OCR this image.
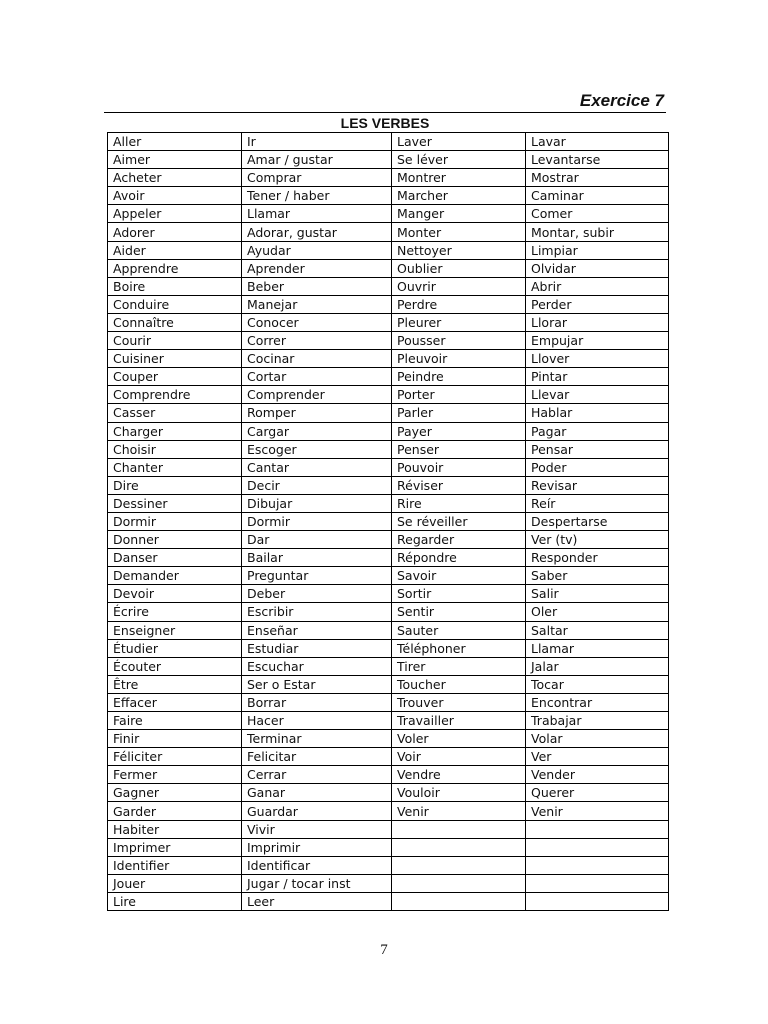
Exercice 7
LES VERBES
Aller	Ir	Laver	Lavar
Aimer	Amar / gustar	Se léver	Levantarse
Acheter	Comprar	Montrer	Mostrar
Avoir	Tener / haber	Marcher	Caminar
Appeler	Llamar	Manger	Comer
Adorer	Adorar, gustar	Monter	Montar, subir
Aider	Ayudar	Nettoyer	Limpiar
Apprendre	Aprender	Oublier	Olvidar
Boire	Beber	Ouvrir	Abrir
Conduire	Manejar	Perdre	Perder
Connaître	Conocer	Pleurer	Llorar
Courir	Correr	Pousser	Empujar
Cuisiner	Cocinar	Pleuvoir	Llover
Couper	Cortar	Peindre	Pintar
Comprendre	Comprender	Porter	Llevar
Casser	Romper	Parler	Hablar
Charger	Cargar	Payer	Pagar
Choisir	Escoger	Penser	Pensar
Chanter	Cantar	Pouvoir	Poder
Dire	Decir	Réviser	Revisar
Dessiner	Dibujar	Rire	Reír
Dormir	Dormir	Se réveiller	Despertarse
Donner	Dar	Regarder	Ver (tv)
Danser	Bailar	Répondre	Responder
Demander	Preguntar	Savoir	Saber
Devoir	Deber	Sortir	Salir
Écrire	Escribir	Sentir	Oler
Enseigner	Enseñar	Sauter	Saltar
Étudier	Estudiar	Téléphoner	Llamar
Écouter	Escuchar	Tirer	Jalar
Être	Ser o Estar	Toucher	Tocar
Effacer	Borrar	Trouver	Encontrar
Faire	Hacer	Travailler	Trabajar
Finir	Terminar	Voler	Volar
Féliciter	Felicitar	Voir	Ver
Fermer	Cerrar	Vendre	Vender
Gagner	Ganar	Vouloir	Querer
Garder	Guardar	Venir	Venir
Habiter	Vivir		
Imprimer	Imprimir		
Identifier	Identificar		
Jouer	Jugar / tocar inst		
Lire	Leer		
7
